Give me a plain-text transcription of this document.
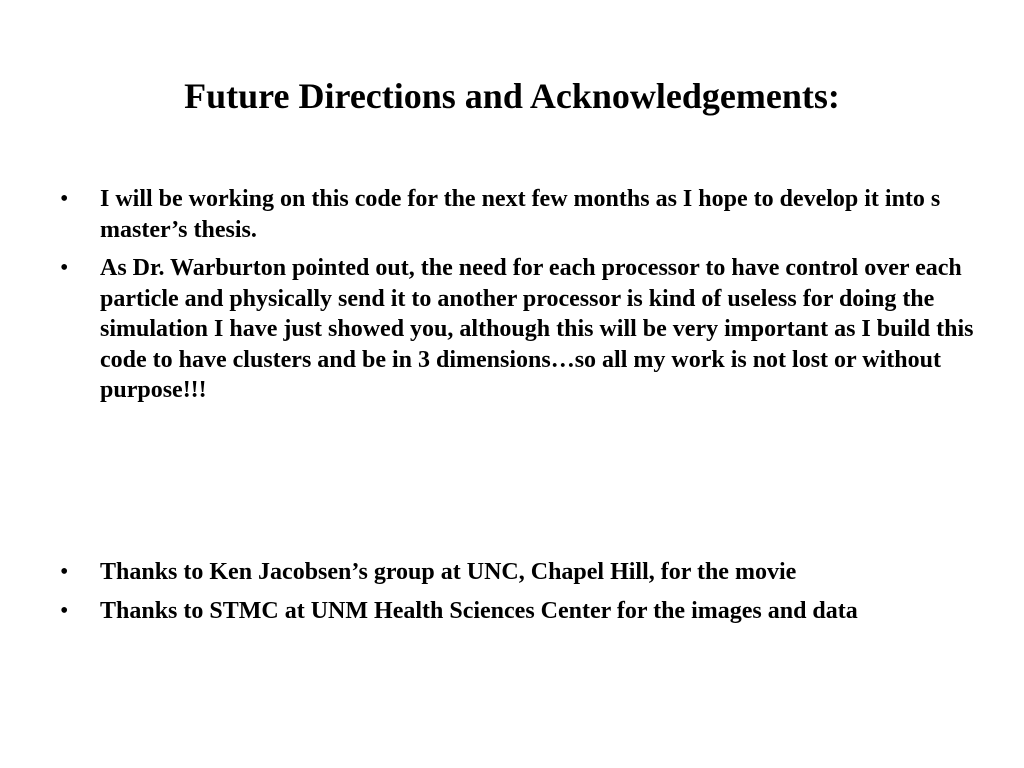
Future Directions and Acknowledgements:
• I will be working on this code for the next few months as I hope to develop it into s master’s thesis.
• As Dr. Warburton pointed out, the need for each processor to have control over each particle and physically send it to another processor is kind of useless for doing the simulation I have just showed you, although this will be very important as I build this code to have clusters and be in 3 dimensions…so all my work is not lost or without purpose!!!
• Thanks to Ken Jacobsen’s group at UNC, Chapel Hill, for the movie
• Thanks to STMC at UNM Health Sciences Center for the images and data
